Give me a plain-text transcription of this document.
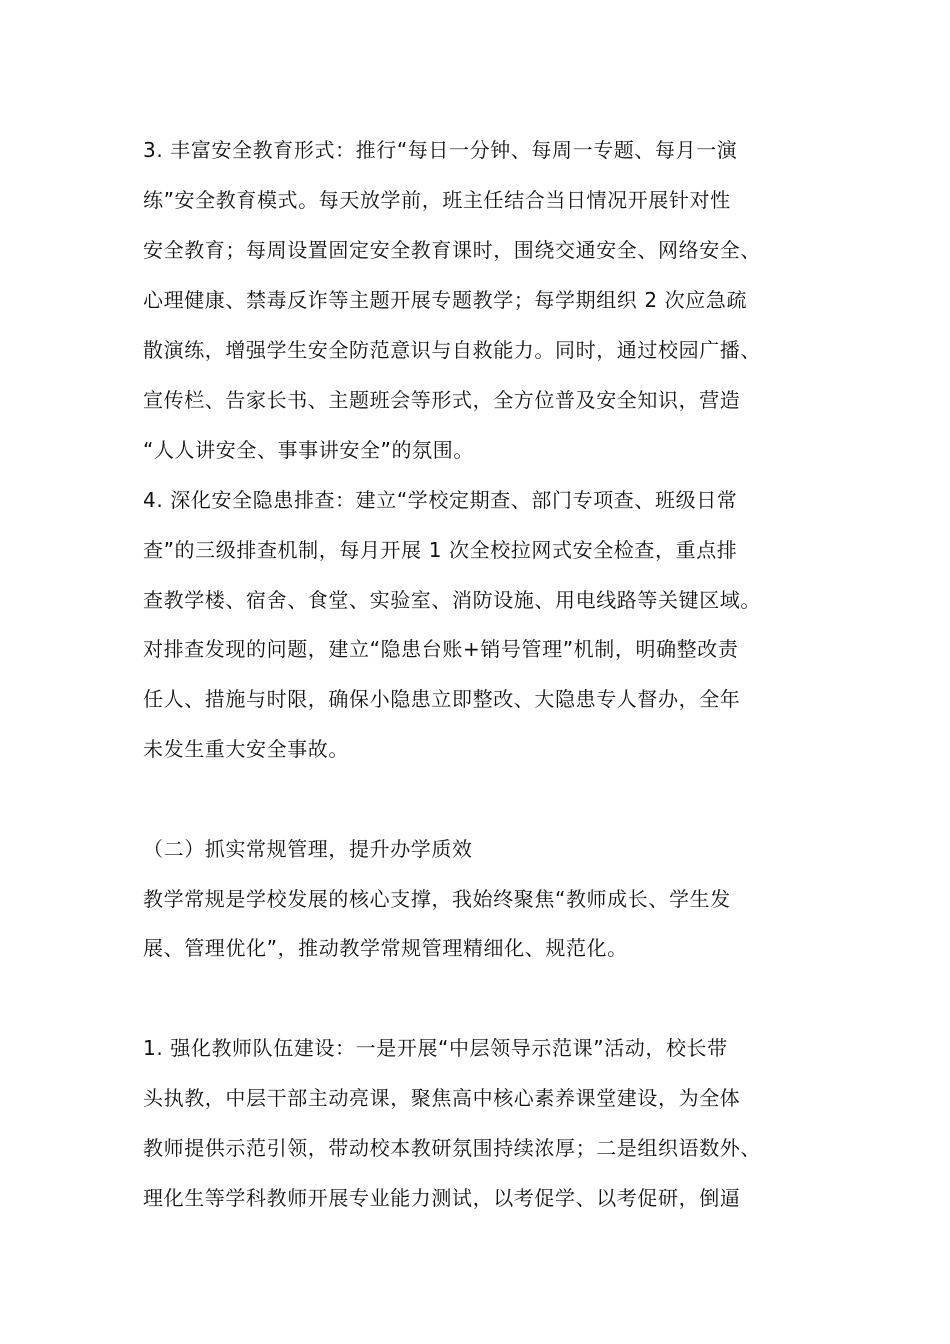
3. 丰富安全教育形式：推行“每日一分钟、每周一专题、每月一演
练”安全教育模式。每天放学前，班主任结合当日情况开展针对性
安全教育；每周设置固定安全教育课时，围绕交通安全、网络安全、
心理健康、禁毒反诈等主题开展专题教学；每学期组织 2 次应急疏
散演练，增强学生安全防范意识与自救能力。同时，通过校园广播、
宣传栏、告家长书、主题班会等形式，全方位普及安全知识，营造
“人人讲安全、事事讲安全”的氛围。
4. 深化安全隐患排查：建立“学校定期查、部门专项查、班级日常
查”的三级排查机制，每月开展 1 次全校拉网式安全检查，重点排
查教学楼、宿舍、食堂、实验室、消防设施、用电线路等关键区域。
对排查发现的问题，建立“隐患台账+销号管理”机制，明确整改责
任人、措施与时限，确保小隐患立即整改、大隐患专人督办，全年
未发生重大安全事故。
（二）抓实常规管理，提升办学质效
教学常规是学校发展的核心支撑，我始终聚焦“教师成长、学生发
展、管理优化”，推动教学常规管理精细化、规范化。
1. 强化教师队伍建设：一是开展“中层领导示范课”活动，校长带
头执教，中层干部主动亮课，聚焦高中核心素养课堂建设，为全体
教师提供示范引领，带动校本教研氛围持续浓厚；二是组织语数外、
理化生等学科教师开展专业能力测试，以考促学、以考促研，倒逼
